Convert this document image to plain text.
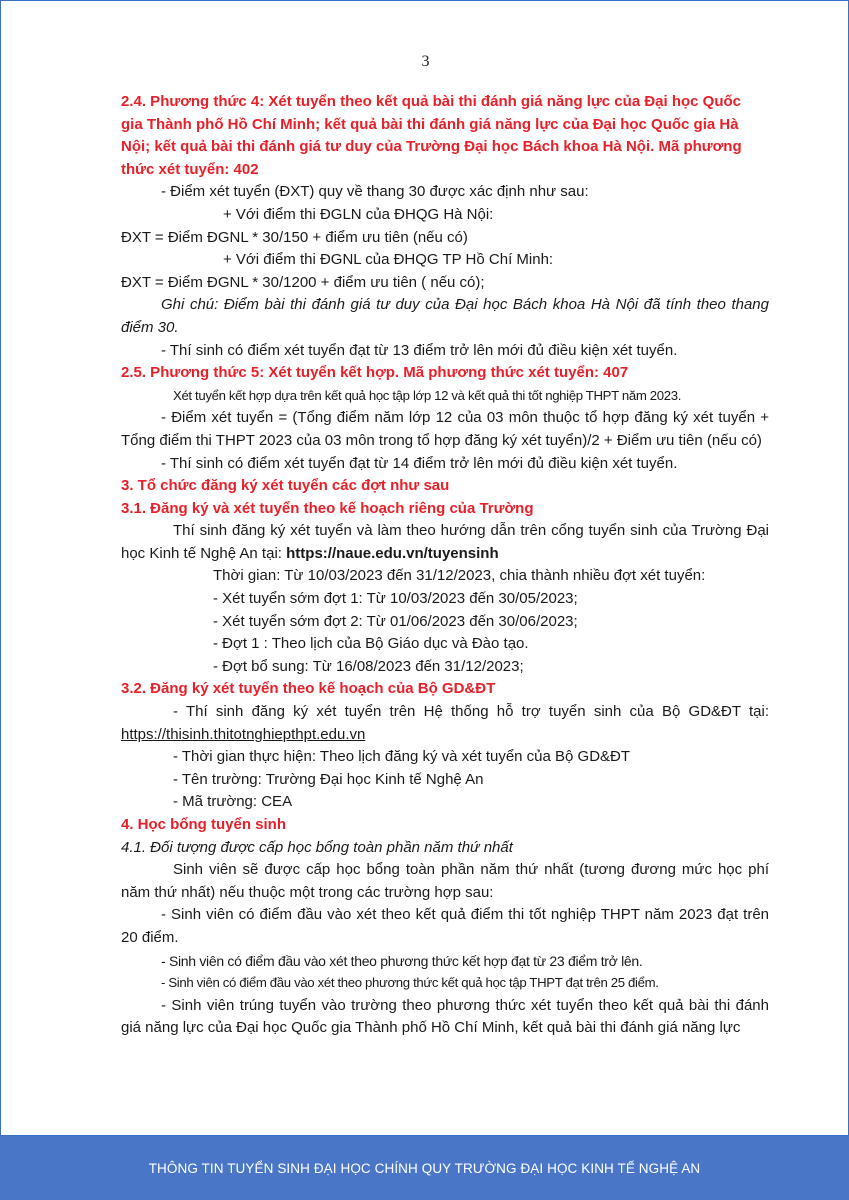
3

2.4. Phương thức 4: Xét tuyển theo kết quả bài thi đánh giá năng lực của Đại học Quốc

gia Thành phố Hồ Chí Minh; kết quả bài thi đánh giá năng lực của Đại học Quốc gia Hà

Nội; kết quả bài thi đánh giá tư duy của Trường Đại học Bách khoa Hà Nội. Mã phương

thức xét tuyển: 402

- Điểm xét tuyển (ĐXT) quy về thang 30 được xác định như sau:

+ Với điểm thi ĐGLN của ĐHQG Hà Nội:

ĐXT = Điểm ĐGNL * 30/150 + điểm ưu tiên (nếu có)

+ Với điểm thi ĐGNL của ĐHQG TP Hồ Chí Minh:

ĐXT = Điểm ĐGNL * 30/1200 + điểm ưu tiên ( nếu có);

Ghi chú: Điểm bài thi đánh giá tư duy của Đại học Bách khoa Hà Nội đã tính theo thang điểm 30.

- Thí sinh có điểm xét tuyển đạt từ 13 điểm trở lên mới đủ điều kiện xét tuyển.

2.5. Phương thức 5: Xét tuyển kết hợp. Mã phương thức xét tuyển: 407

Xét tuyển kết hợp dựa trên kết quả học tập lớp 12 và kết quả thi tốt nghiệp THPT năm 2023.

- Điểm xét tuyển = (Tổng điểm năm lớp 12 của 03 môn thuộc tổ hợp đăng ký xét tuyển + Tổng điểm thi THPT 2023 của 03 môn trong tổ hợp đăng ký xét tuyển)/2 + Điểm ưu tiên (nếu có)

- Thí sinh có điểm xét tuyển đạt từ 14 điểm trở lên mới đủ điều kiện xét tuyển.

3. Tổ chức đăng ký xét tuyển các đợt như sau

3.1. Đăng ký và xét tuyển theo kế hoạch riêng của Trường

Thí sinh đăng ký xét tuyển và làm theo hướng dẫn trên cổng tuyển sinh của Trường Đại học Kinh tế Nghệ An tại: https://naue.edu.vn/tuyensinh

Thời gian: Từ 10/03/2023 đến 31/12/2023, chia thành nhiều đợt xét tuyển:

- Xét tuyển sớm đợt 1: Từ 10/03/2023 đến 30/05/2023;

- Xét tuyển sớm đợt 2: Từ 01/06/2023 đến 30/06/2023;

- Đợt 1 : Theo lịch của Bộ Giáo dục và Đào tạo.

- Đợt bổ sung: Từ 16/08/2023 đến 31/12/2023;

3.2. Đăng ký xét tuyển theo kế hoạch của Bộ GD&ĐT

- Thí sinh đăng ký xét tuyển trên Hệ thống hỗ trợ tuyển sinh của Bộ GD&ĐT tại: https://thisinh.thitotnghiepthpt.edu.vn

- Thời gian thực hiện: Theo lịch đăng ký và xét tuyển của Bộ GD&ĐT

- Tên trường: Trường Đại học Kinh tế Nghệ An

- Mã trường: CEA

4. Học bổng tuyển sinh

4.1. Đối tượng được cấp học bổng toàn phần năm thứ nhất

Sinh viên sẽ được cấp học bổng toàn phần năm thứ nhất (tương đương mức học phí năm thứ nhất) nếu thuộc một trong các trường hợp sau:

- Sinh viên có điểm đầu vào xét theo kết quả điểm thi tốt nghiệp THPT năm 2023 đạt trên 20 điểm.

- Sinh viên có điểm đầu vào xét theo phương thức kết hợp đạt từ 23 điểm trở lên.

- Sinh viên có điểm đầu vào xét theo phương thức kết quả học tập THPT đạt trên 25 điểm.

- Sinh viên trúng tuyển vào trường theo phương thức xét tuyển theo kết quả bài thi đánh giá năng lực của Đại học Quốc gia Thành phố Hồ Chí Minh, kết quả bài thi đánh giá năng lực

THÔNG TIN TUYỂN SINH ĐẠI HỌC CHÍNH QUY TRƯỜNG ĐẠI HỌC KINH TẾ NGHỆ AN
